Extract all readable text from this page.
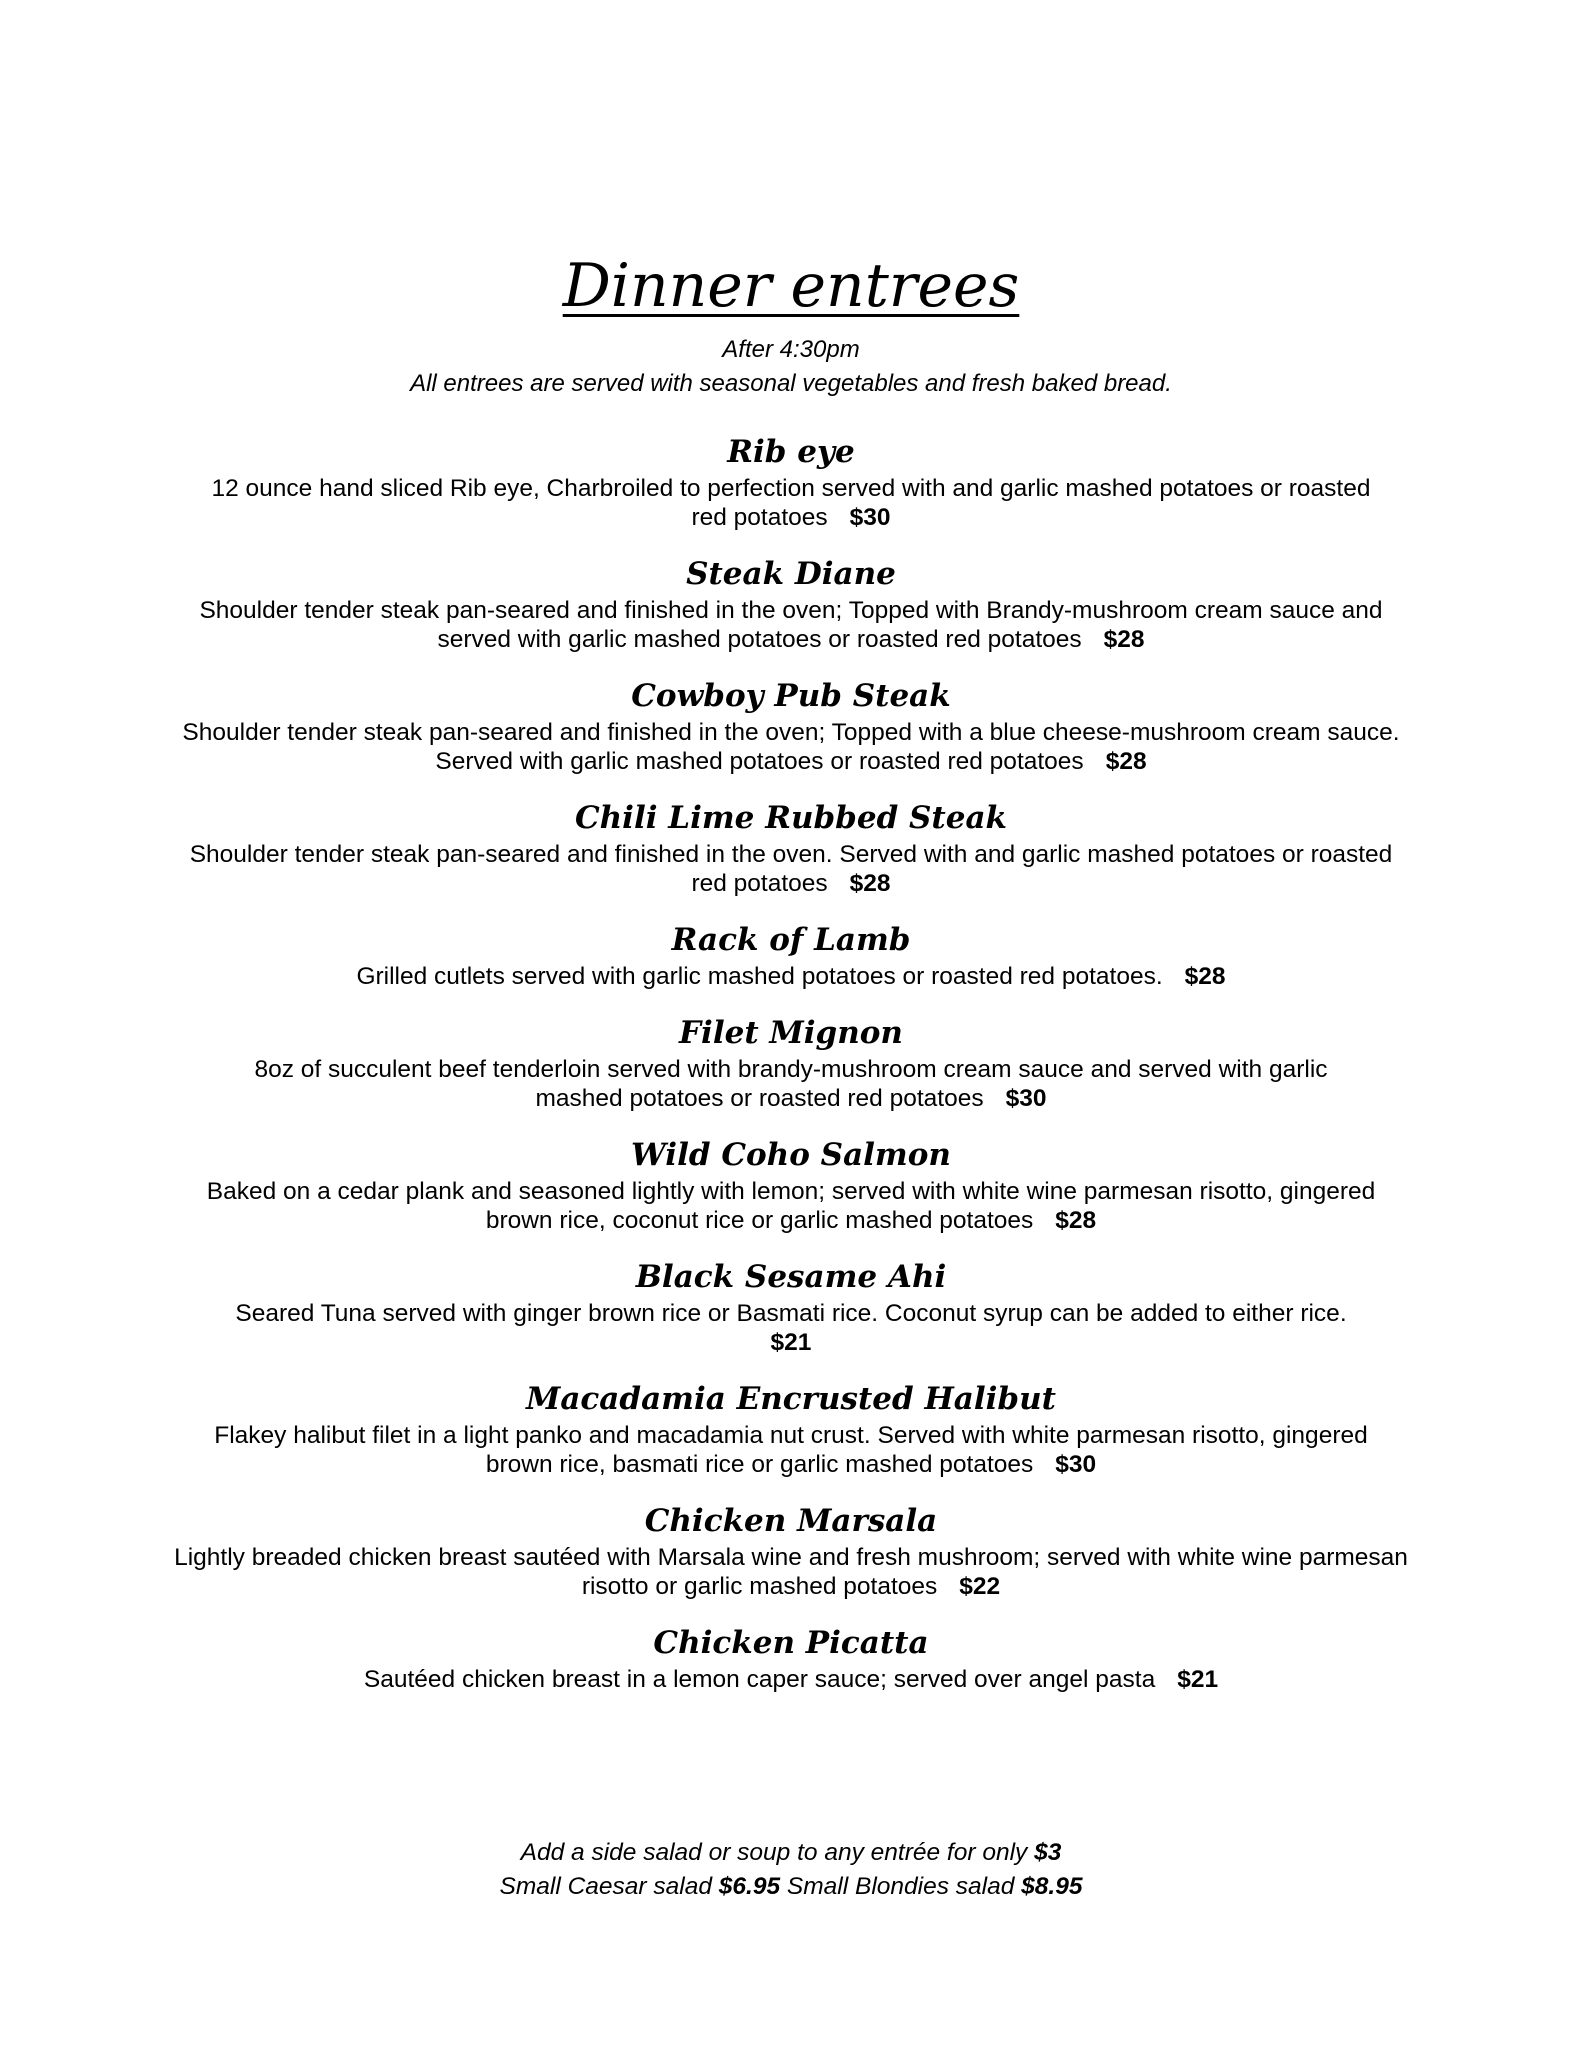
Dinner entrees
After 4:30pm
All entrees are served with seasonal vegetables and fresh baked bread.
Rib eye
12 ounce hand sliced Rib eye, Charbroiled to perfection served with and garlic mashed potatoes or roasted red potatoes $30
Steak Diane
Shoulder tender steak pan-seared and finished in the oven; Topped with Brandy-mushroom cream sauce and served with garlic mashed potatoes or roasted red potatoes $28
Cowboy Pub Steak
Shoulder tender steak pan-seared and finished in the oven; Topped with a blue cheese-mushroom cream sauce. Served with garlic mashed potatoes or roasted red potatoes $28
Chili Lime Rubbed Steak
Shoulder tender steak pan-seared and finished in the oven. Served with and garlic mashed potatoes or roasted red potatoes $28
Rack of Lamb
Grilled cutlets served with garlic mashed potatoes or roasted red potatoes. $28
Filet Mignon
8oz of succulent beef tenderloin served with brandy-mushroom cream sauce and served with garlic mashed potatoes or roasted red potatoes $30
Wild Coho Salmon
Baked on a cedar plank and seasoned lightly with lemon; served with white wine parmesan risotto, gingered brown rice, coconut rice or garlic mashed potatoes $28
Black Sesame Ahi
Seared Tuna served with ginger brown rice or Basmati rice. Coconut syrup can be added to either rice.
$21
Macadamia Encrusted Halibut
Flakey halibut filet in a light panko and macadamia nut crust. Served with white parmesan risotto, gingered brown rice, basmati rice or garlic mashed potatoes $30
Chicken Marsala
Lightly breaded chicken breast sautéed with Marsala wine and fresh mushroom; served with white wine parmesan risotto or garlic mashed potatoes $22
Chicken Picatta
Sautéed chicken breast in a lemon caper sauce; served over angel pasta $21
Add a side salad or soup to any entrée for only $3
Small Caesar salad $6.95 Small Blondies salad $8.95
